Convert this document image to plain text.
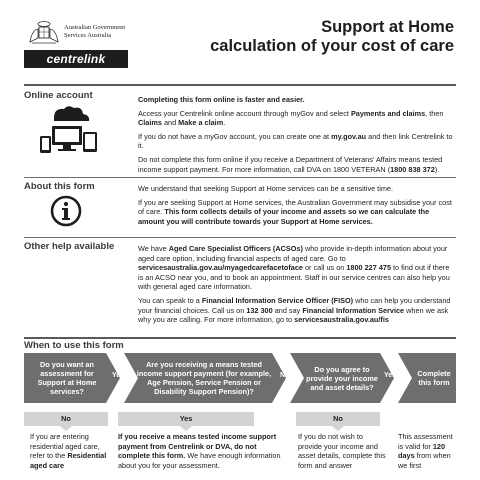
Australian Government
Services Australia
centrelink
Support at Home
calculation of your cost of care
Online account	Completing this form online is faster and easier.

Access your Centrelink online account through myGov and select Payments and claims, then Claims and Make a claim.

If you do not have a myGov account, you can create one at my.gov.au and then link Centrelink to it.

Do not complete this form online if you receive a Department of Veterans' Affairs means tested income support payment. For more information, call DVA on 1800 VETERAN (1800 838 372).

About this form	We understand that seeking Support at Home services can be a sensitive time.

If you are seeking Support at Home services, the Australian Government may subsidise your cost of care. This form collects details of your income and assets so we can calculate the amount you will contribute towards your Support at Home services.

Other help available	We have Aged Care Specialist Officers (ACSOs) who provide in-depth information about your aged care option, including financial aspects of aged care. Go to servicesaustralia.gov.au/myagedcarefacetoface or call us on 1800 227 475 to find out if there is an ACSO near you, and to book an appointment. Staff in our service centres can also help you with general aged care information.

You can speak to a Financial Information Service Officer (FISO) who can help you understand your financial choices. Call us on 132 300 and say Financial Information Service when we ask why you are calling. For more information, go to servicesaustralia.gov.au/fis

When to use this form
Do you want an assessment for Support at Home services?
Yes
Are you receiving a means tested income support payment (for example, Age Pension, Service Pension or Disability Support Pension)?
No
Do you agree to provide your income and asset details?
Yes	Complete this form
No	Yes	No
If you are entering residential aged care, refer to the Residential aged care
If you receive a means tested income support payment from Centrelink or DVA, do not complete this form. We have enough information about you for your assessment.
If you do not wish to provide your income and asset details, complete this form and answer
This assessment is valid for 120 days from when we first
